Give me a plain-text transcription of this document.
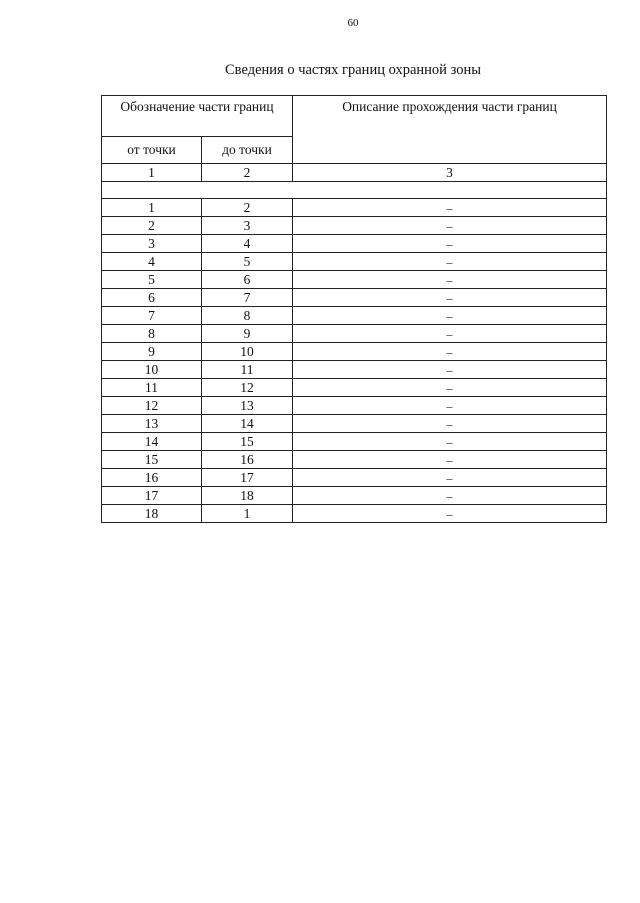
60
Сведения о частях границ охранной зоны
Обозначение части границ		Описание прохождения части границ
от точки	до точки	
1	2	3

1	2	–
2	3	–
3	4	–
4	5	–
5	6	–
6	7	–
7	8	–
8	9	–
9	10	–
10	11	–
11	12	–
12	13	–
13	14	–
14	15	–
15	16	–
16	17	–
17	18	–
18	1	–
